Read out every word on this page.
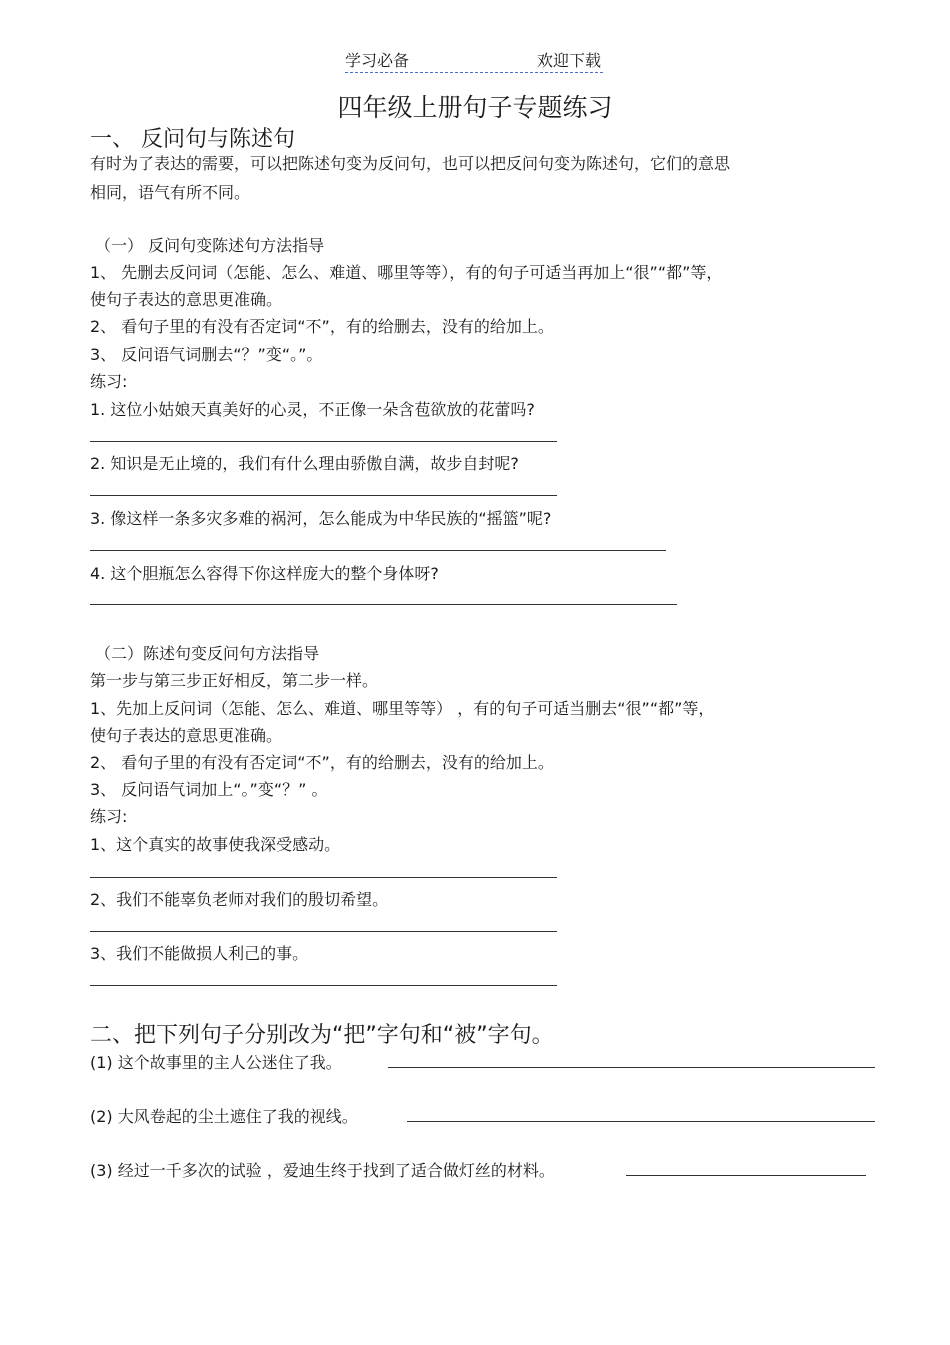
学习必备	欢迎下载
四年级上册句子专题练习
一、 反问句与陈述句
有时为了表达的需要，可以把陈述句变为反问句，也可以把反问句变为陈述句，它们的意思
相同，语气有所不同。
（一） 反问句变陈述句方法指导
1、 先删去反问词（怎能、怎么、难道、哪里等等），有的句子可适当再加上“很”“都”等，
使句子表达的意思更准确。
2、 看句子里的有没有否定词“不”，有的给删去，没有的给加上。
3、 反问语气词删去“？”变“。”。
练习:
1. 这位小姑娘天真美好的心灵，不正像一朵含苞欲放的花蕾吗?
2. 知识是无止境的，我们有什么理由骄傲自满，故步自封呢?
3. 像这样一条多灾多难的祸河，怎么能成为中华民族的“摇篮”呢?
4. 这个胆瓶怎么容得下你这样庞大的整个身体呀?
（二）陈述句变反问句方法指导
第一步与第三步正好相反，第二步一样。
1、先加上反问词（怎能、怎么、难道、哪里等等） ，有的句子可适当删去“很”“都”等，
使句子表达的意思更准确。
2、 看句子里的有没有否定词“不”，有的给删去，没有的给加上。
3、 反问语气词加上“。”变“？” 。
练习:
1、这个真实的故事使我深受感动。
2、我们不能辜负老师对我们的殷切希望。
3、我们不能做损人利己的事。
二、把下列句子分别改为“把”字句和“被”字句。
(1) 这个故事里的主人公迷住了我。
(2) 大风卷起的尘土遮住了我的视线。
(3) 经过一千多次的试验 ，爱迪生终于找到了适合做灯丝的材料。
